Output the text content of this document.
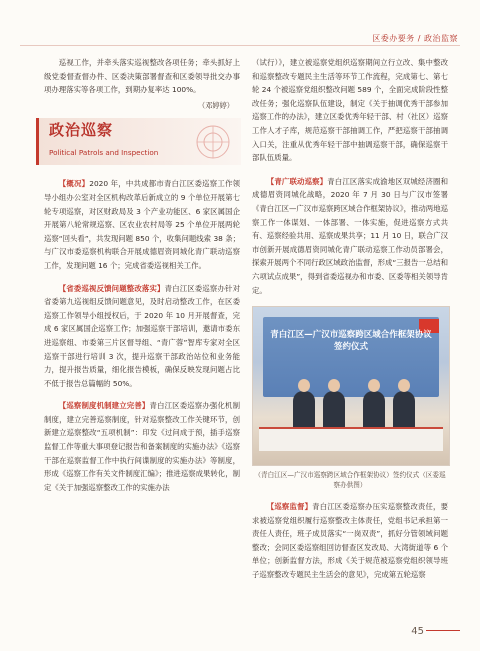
区委办要务 / 政治监察

巡视工作，并牵头落实巡视整改各项任务；牵头抓好上级党委督查督办件、区委决策部署督查和区委领导批交办事项办理落实等各项工作，到期办复率达 100%。

（邓婷婷）

政治巡察
Political Patrols and Inspection

【概况】2020 年，中共成都市青白江区委巡察工作领导小组办公室对全区机构改革后新成立的 9 个单位开展第七轮专项巡察，对区财政局及 3 个产业功能区、6 家区属国企开展第八轮常规巡察、区农业农村局等 25 个单位开展两轮巡察“回头看”，共发现问题 850 个，收集问题线索 38 条；与广汉市委巡察机构联合开展成德眉资同城化青广联动巡察工作，发现问题 16 个；完成省委巡视相关工作。

【省委巡视反馈问题整改落实】青白江区委巡察办针对省委第九巡视组反馈问题意见，及时启动整改工作，在区委巡察工作领导小组授权后，于 2020 年 10 月开展督查，完成 6 家区属国企巡察工作；加强巡察干部培训，邀请市委东进巡察组、市委第三片区督导组、“青广蓉”智库专家对全区巡察干部进行培训 3 次，提升巡察干部政治站位和业务能力，提升报告质量，细化报告模板，确保反映发现问题占比不低于报告总篇幅的 50%。

【巡察制度机制建立完善】青白江区委巡察办强化机制制度，建立完善巡察制度，针对巡察整改工作关键环节，创新建立巡察整改“五项机制”：印发《过问成于预，插手巡察监督工作等重大事项登记报告和备案制度的实施办法》《巡察干部在巡察监督工作中执行间谍制度的实施办法》等制度，形成《巡察工作有关文件制度汇编》；推进巡察成果转化，制定《关于加强巡察整改工作的实施办法

（试行）》，建立被巡察党组织巡察期间立行立改、集中整改和巡察整改专题民主生活等环节工作流程，完成第七、第七轮 24 个被巡察党组织整改问题 589 个，全面完成阶段性整改任务；强化巡察队伍建设，制定《关于抽调优秀干部参加巡察工作的办法》，建立区委优秀年轻干部、村（社区）巡察工作人才子库，规范巡察干部抽调工作，严把巡察干部抽调入口关，注重从优秀年轻干部中抽调巡察干部，确保巡察干部队伍质量。

【青广联动巡察】青白江区落实成渝地区双城经济圈和成德眉资同城化战略，2020 年 7 月 30 日与广汉市签署《青白江区—广汉市巡察跨区域合作框架协议》，推动两地巡察工作一体谋划、一体部署、一体实施，促进巡察方式共有、巡察经验共用、巡察成果共享；11 月 10 日，联合广汉市创新开展成德眉资同城化青广联动巡察工作动员部署会，探索开展两个不同行政区域政治监督，形成“三报告一总结和六项试点成果”，得到省委巡视办和市委、区委等相关领导肯定。

青白江区—广汉市巡察跨区域合作框架协议签约仪式

（青白江区—广汉市巡察跨区域合作框架协议）签约仪式（区委巡察办供图）

【巡察监督】青白江区委巡察办压实巡察整改责任，要求被巡察党组织履行巡察整改主体责任，党组书记承担第一责任人责任，班子成员落实“一岗双责”，抓好分管领域问题整改；会同区委巡察组回访督查区发改局、大湾街道等 6 个单位；创新监督方法，形成《关于规范被巡察党组织领导班子巡察整改专题民主生活会的意见》，完成第五轮巡察

45
